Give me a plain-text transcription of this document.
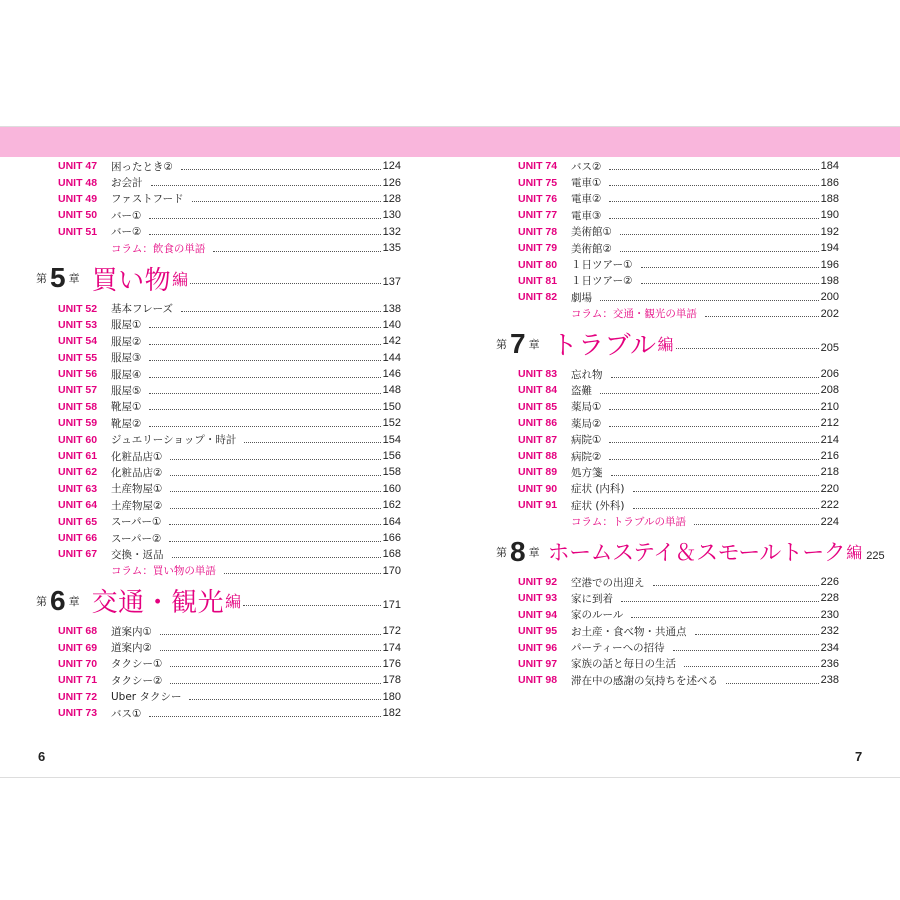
UNIT 47	困ったとき②	124
UNIT 48	お会計	126
UNIT 49	ファストフード	128
UNIT 50	バー①	130
UNIT 51	バー②	132
コラム：飲食の単語	135
第 5 章 買い物 編	137
UNIT 52	基本フレーズ	138
UNIT 53	服屋①	140
UNIT 54	服屋②	142
UNIT 55	服屋③	144
UNIT 56	服屋④	146
UNIT 57	服屋⑤	148
UNIT 58	靴屋①	150
UNIT 59	靴屋②	152
UNIT 60	ジュエリーショップ・時計	154
UNIT 61	化粧品店①	156
UNIT 62	化粧品店②	158
UNIT 63	土産物屋①	160
UNIT 64	土産物屋②	162
UNIT 65	スーパー①	164
UNIT 66	スーパー②	166
UNIT 67	交換・返品	168
コラム：買い物の単語	170
第 6 章 交通・観光 編	171
UNIT 68	道案内①	172
UNIT 69	道案内②	174
UNIT 70	タクシー①	176
UNIT 71	タクシー②	178
UNIT 72	Uber タクシー	180
UNIT 73	バス①	182
UNIT 74	バス②	184
UNIT 75	電車①	186
UNIT 76	電車②	188
UNIT 77	電車③	190
UNIT 78	美術館①	192
UNIT 79	美術館②	194
UNIT 80	１日ツアー①	196
UNIT 81	１日ツアー②	198
UNIT 82	劇場	200
コラム：交通・観光の単語	202
第 7 章 トラブル 編	205
UNIT 83	忘れ物	206
UNIT 84	盗難	208
UNIT 85	薬局①	210
UNIT 86	薬局②	212
UNIT 87	病院①	214
UNIT 88	病院②	216
UNIT 89	処方箋	218
UNIT 90	症状 (内科)	220
UNIT 91	症状 (外科)	222
コラム：トラブルの単語	224
第 8 章 ホームステイ＆スモールトーク 編 225
UNIT 92	空港での出迎え	226
UNIT 93	家に到着	228
UNIT 94	家のルール	230
UNIT 95	お土産・食べ物・共通点	232
UNIT 96	パーティーへの招待	234
UNIT 97	家族の話と毎日の生活	236
UNIT 98	滞在中の感謝の気持ちを述べる	238
6	7
